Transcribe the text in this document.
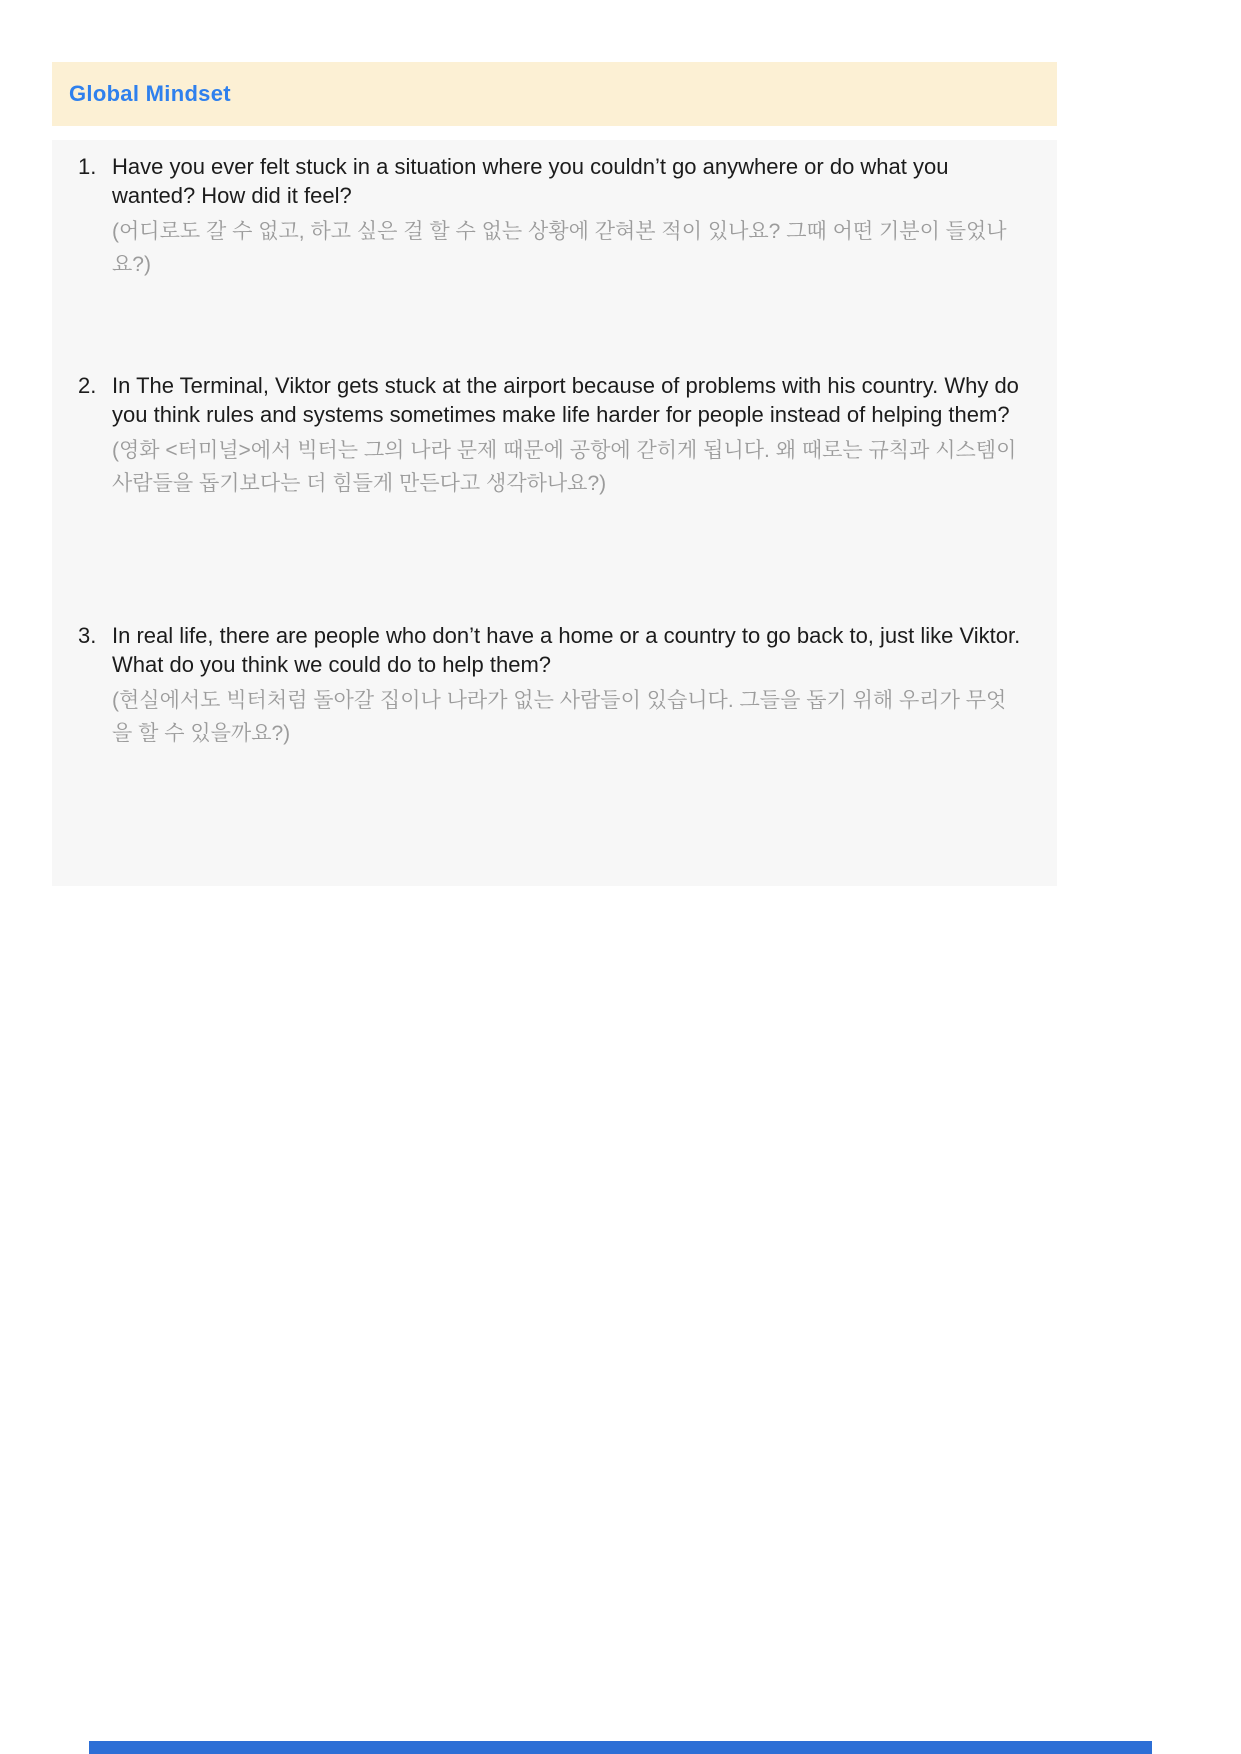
Global Mindset
1. Have you ever felt stuck in a situation where you couldn’t go anywhere or do what you wanted? How did it feel?

(어디로도 갈 수 없고, 하고 싶은 걸 할 수 없는 상황에 갇혀본 적이 있나요? 그때 어떤 기분이 들었나요?)

2. In The Terminal, Viktor gets stuck at the airport because of problems with his country. Why do you think rules and systems sometimes make life harder for people instead of helping them?

(영화 <터미널>에서 빅터는 그의 나라 문제 때문에 공항에 갇히게 됩니다. 왜 때로는 규칙과 시스템이 사람들을 돕기보다는 더 힘들게 만든다고 생각하나요?)

3. In real life, there are people who don’t have a home or a country to go back to, just like Viktor. What do you think we could do to help them?

(현실에서도 빅터처럼 돌아갈 집이나 나라가 없는 사람들이 있습니다. 그들을 돕기 위해 우리가 무엇을 할 수 있을까요?)
